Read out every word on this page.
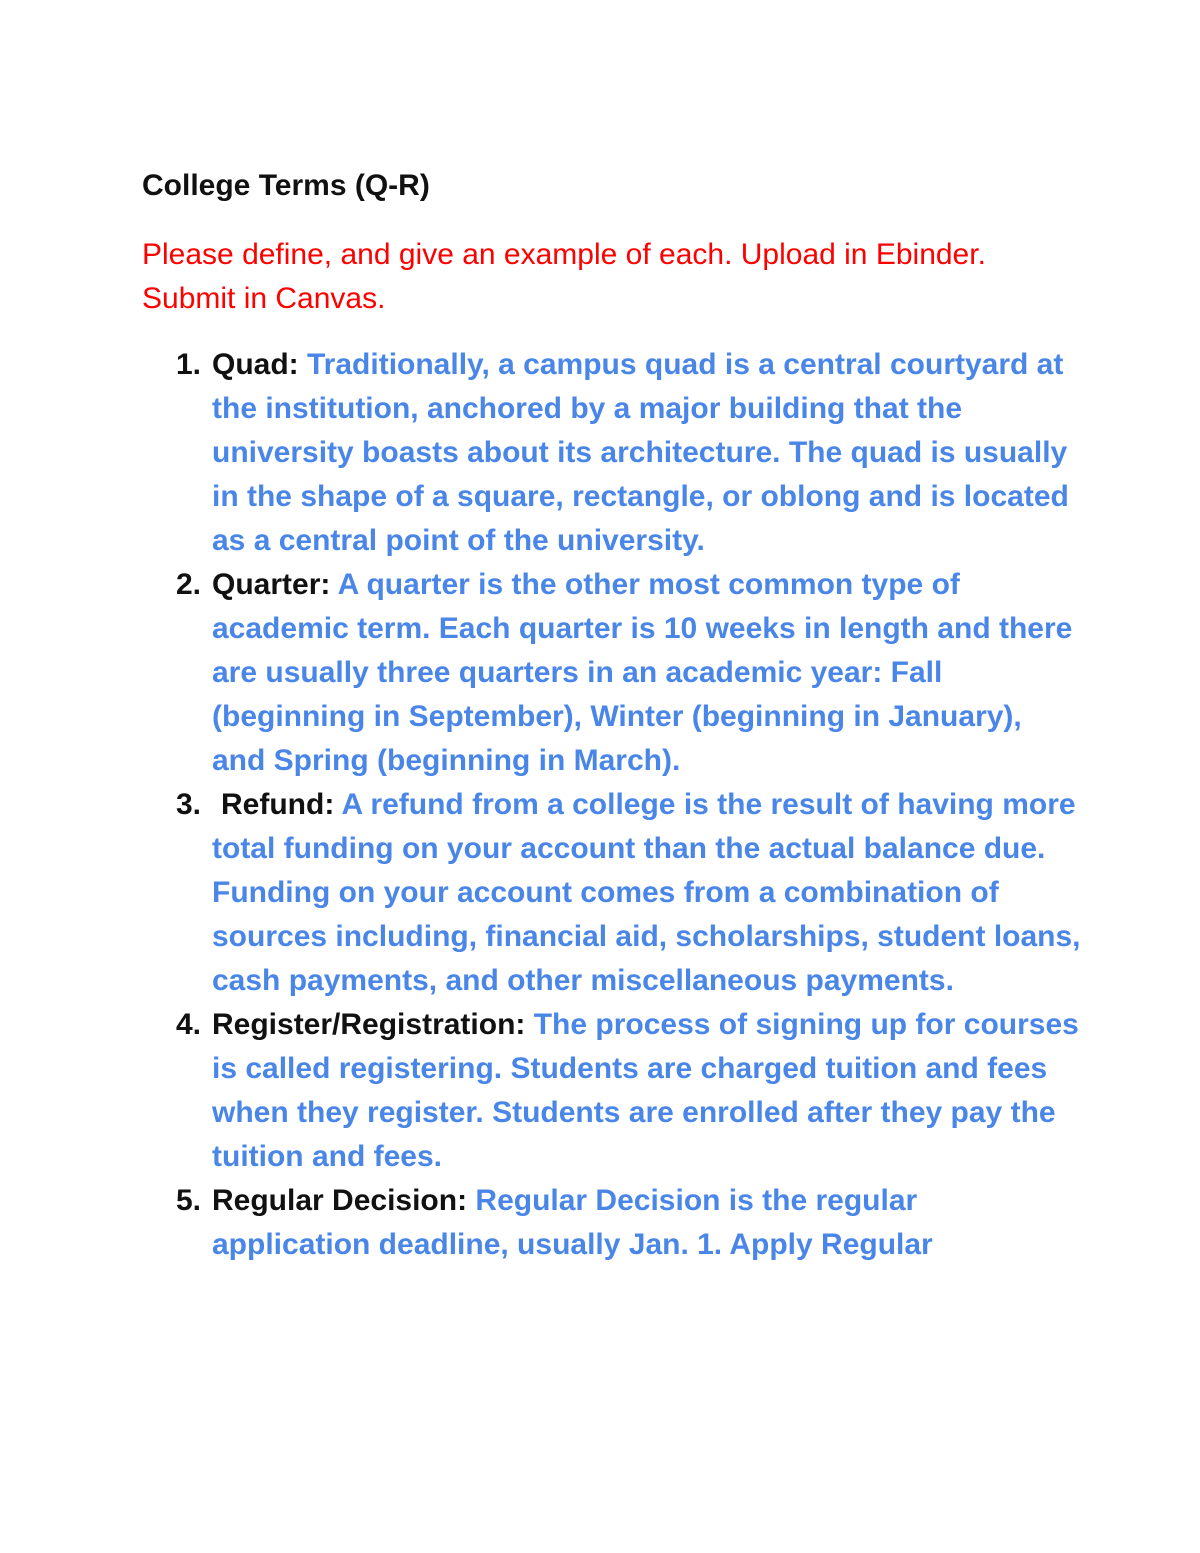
College Terms (Q-R)

Please define, and give an example of each. Upload in Ebinder. Submit in Canvas.

1. Quad: Traditionally, a campus quad is a central courtyard at the institution, anchored by a major building that the university boasts about its architecture. The quad is usually in the shape of a square, rectangle, or oblong and is located as a central point of the university.
2. Quarter: A quarter is the other most common type of academic term. Each quarter is 10 weeks in length and there are usually three quarters in an academic year: Fall (beginning in September), Winter (beginning in January), and Spring (beginning in March).
3. Refund: A refund from a college is the result of having more total funding on your account than the actual balance due. Funding on your account comes from a combination of sources including, financial aid, scholarships, student loans, cash payments, and other miscellaneous payments.
4. Register/Registration: The process of signing up for courses is called registering. Students are charged tuition and fees when they register. Students are enrolled after they pay the tuition and fees.
5. Regular Decision: Regular Decision is the regular application deadline, usually Jan. 1. Apply Regular
